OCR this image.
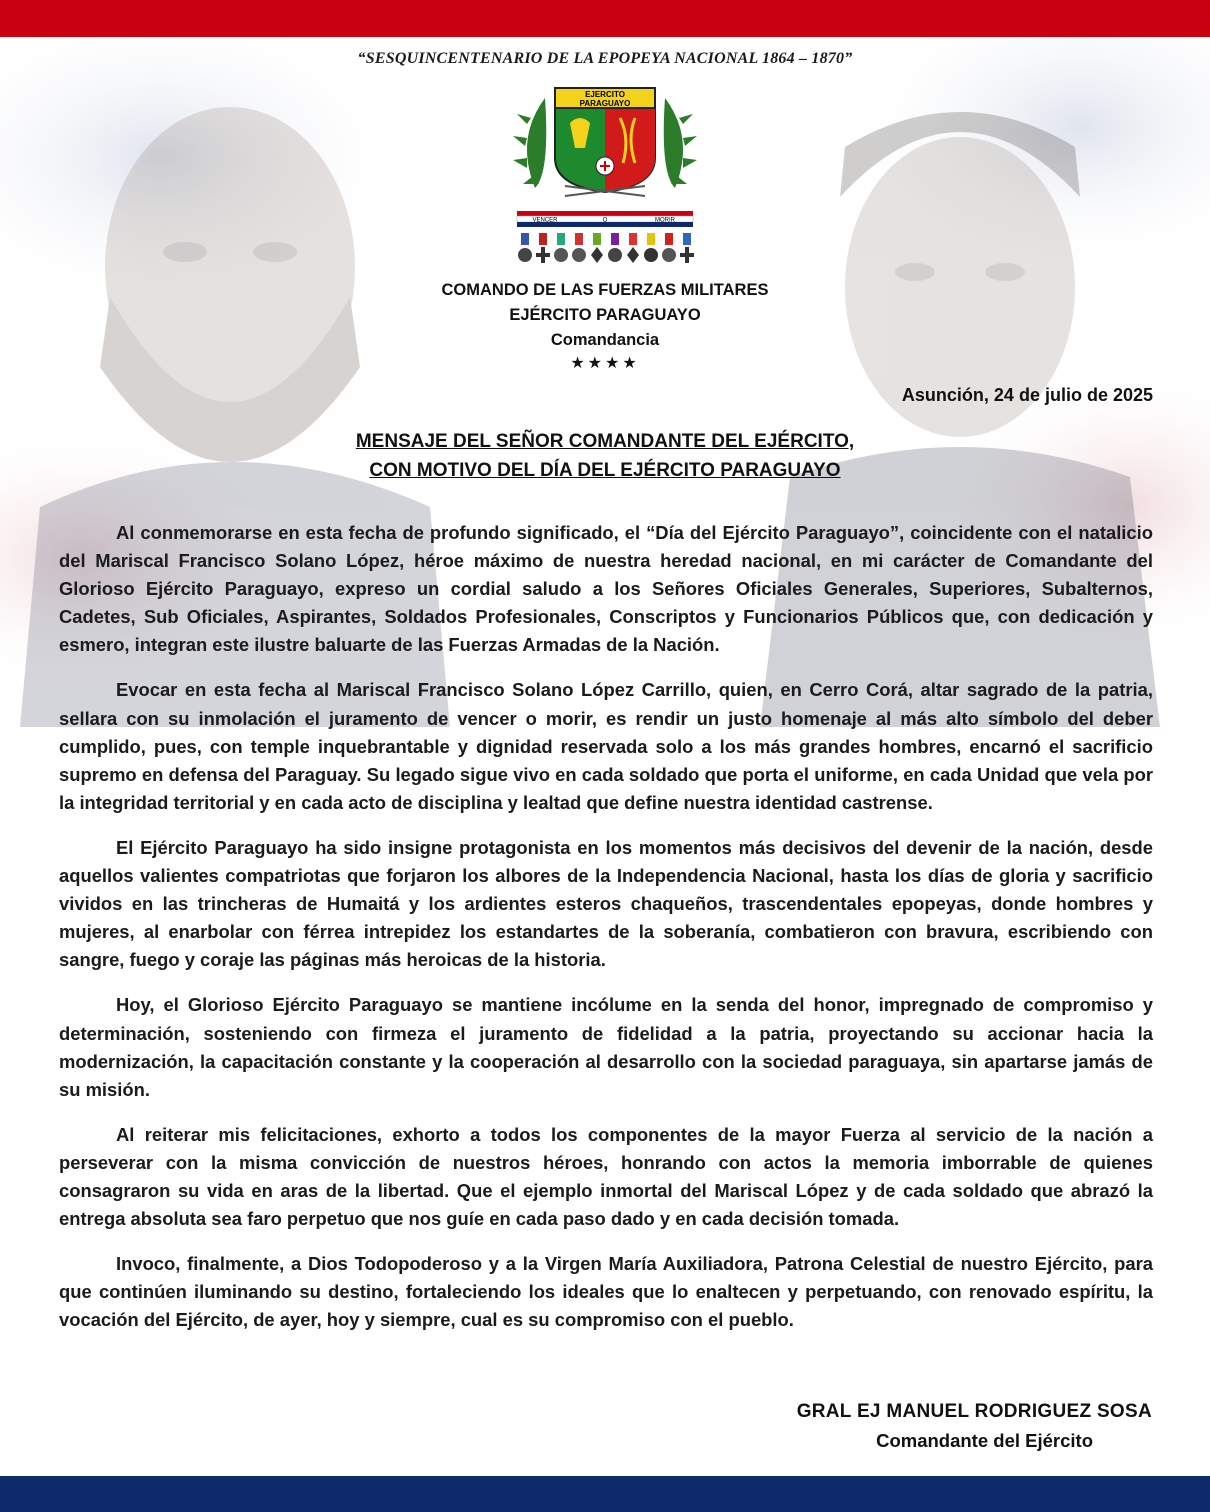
“SESQUINCENTENARIO DE LA EPOPEYA NACIONAL 1864 – 1870”
EJERCITO
PARAGUAYO
VENCER	O	MORIR
COMANDO DE LAS FUERZAS MILITARES
EJÉRCITO PARAGUAYO
Comandancia
★★★★
Asunción, 24 de julio de 2025
MENSAJE DEL SEÑOR COMANDANTE DEL EJÉRCITO,
CON MOTIVO DEL DÍA DEL EJÉRCITO PARAGUAYO

Al conmemorarse en esta fecha de profundo significado, el “Día del Ejército Paraguayo”, coincidente con el natalicio del Mariscal Francisco Solano López, héroe máximo de nuestra heredad nacional, en mi carácter de Comandante del Glorioso Ejército Paraguayo, expreso un cordial saludo a los Señores Oficiales Generales, Superiores, Subalternos, Cadetes, Sub Oficiales, Aspirantes, Soldados Profesionales, Conscriptos y Funcionarios Públicos que, con dedicación y esmero, integran este ilustre baluarte de las Fuerzas Armadas de la Nación.

Evocar en esta fecha al Mariscal Francisco Solano López Carrillo, quien, en Cerro Corá, altar sagrado de la patria, sellara con su inmolación el juramento de vencer o morir, es rendir un justo homenaje al más alto símbolo del deber cumplido, pues, con temple inquebrantable y dignidad reservada solo a los más grandes hombres, encarnó el sacrificio supremo en defensa del Paraguay. Su legado sigue vivo en cada soldado que porta el uniforme, en cada Unidad que vela por la integridad territorial y en cada acto de disciplina y lealtad que define nuestra identidad castrense.

El Ejército Paraguayo ha sido insigne protagonista en los momentos más decisivos del devenir de la nación, desde aquellos valientes compatriotas que forjaron los albores de la Independencia Nacional, hasta los días de gloria y sacrificio vividos en las trincheras de Humaitá y los ardientes esteros chaqueños, trascendentales epopeyas, donde hombres y mujeres, al enarbolar con férrea intrepidez los estandartes de la soberanía, combatieron con bravura, escribiendo con sangre, fuego y coraje las páginas más heroicas de la historia.

Hoy, el Glorioso Ejército Paraguayo se mantiene incólume en la senda del honor, impregnado de compromiso y determinación, sosteniendo con firmeza el juramento de fidelidad a la patria, proyectando su accionar hacia la modernización, la capacitación constante y la cooperación al desarrollo con la sociedad paraguaya, sin apartarse jamás de su misión.

Al reiterar mis felicitaciones, exhorto a todos los componentes de la mayor Fuerza al servicio de la nación a perseverar con la misma convicción de nuestros héroes, honrando con actos la memoria imborrable de quienes consagraron su vida en aras de la libertad. Que el ejemplo inmortal del Mariscal López y de cada soldado que abrazó la entrega absoluta sea faro perpetuo que nos guíe en cada paso dado y en cada decisión tomada.

Invoco, finalmente, a Dios Todopoderoso y a la Virgen María Auxiliadora, Patrona Celestial de nuestro Ejército, para que continúen iluminando su destino, fortaleciendo los ideales que lo enaltecen y perpetuando, con renovado espíritu, la vocación del Ejército, de ayer, hoy y siempre, cual es su compromiso con el pueblo.

GRAL EJ MANUEL RODRIGUEZ SOSA
Comandante del Ejército
